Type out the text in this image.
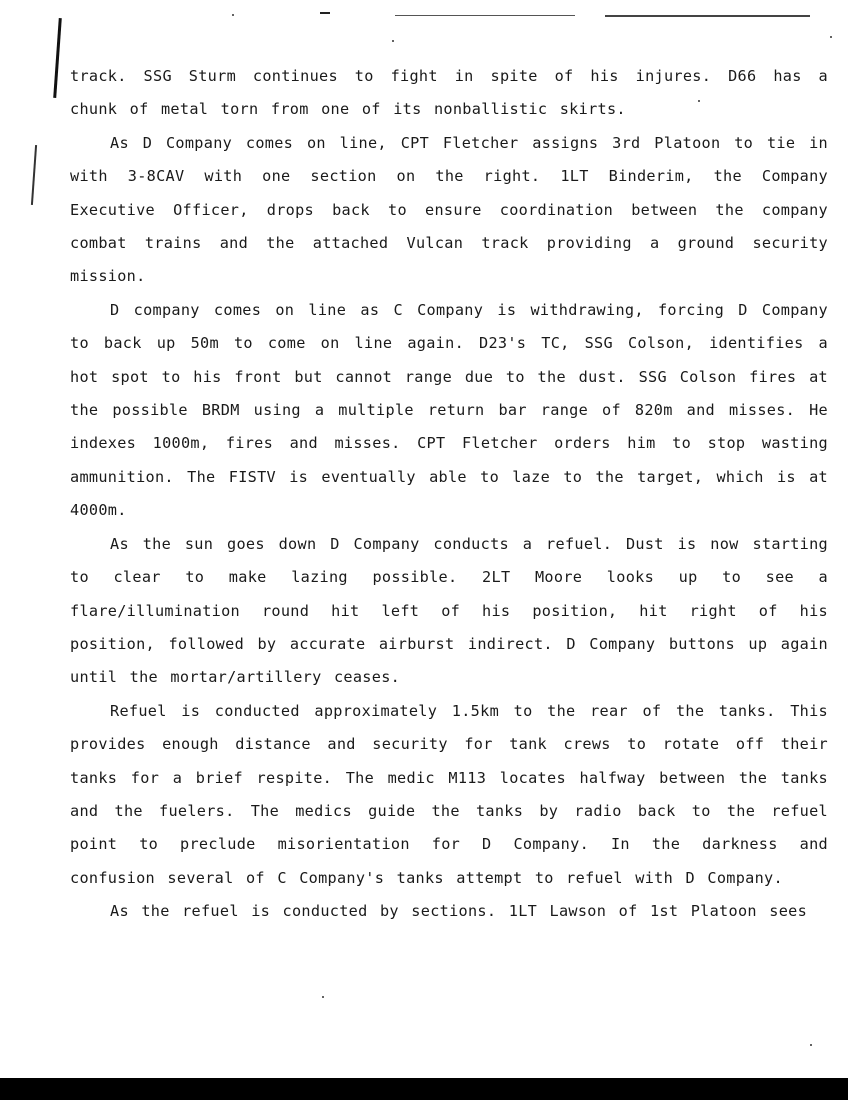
track. SSG Sturm continues to fight in spite of his injures. D66 has a chunk of metal torn from one of its nonballistic skirts.

As D Company comes on line, CPT Fletcher assigns 3rd Platoon to tie in with 3-8CAV with one section on the right. 1LT Binderim, the Company Executive Officer, drops back to ensure coordination between the company combat trains and the attached Vulcan track providing a ground security mission.

D company comes on line as C Company is withdrawing, forcing D Company to back up 50m to come on line again. D23's TC, SSG Colson, identifies a hot spot to his front but cannot range due to the dust. SSG Colson fires at the possible BRDM using a multiple return bar range of 820m and misses. He indexes 1000m, fires and misses. CPT Fletcher orders him to stop wasting ammunition. The FISTV is eventually able to laze to the target, which is at 4000m.

As the sun goes down D Company conducts a refuel. Dust is now starting to clear to make lazing possible. 2LT Moore looks up to see a flare/illumination round hit left of his position, hit right of his position, followed by accurate airburst indirect. D Company buttons up again until the mortar/artillery ceases.

Refuel is conducted approximately 1.5km to the rear of the tanks. This provides enough distance and security for tank crews to rotate off their tanks for a brief respite. The medic M113 locates halfway between the tanks and the fuelers. The medics guide the tanks by radio back to the refuel point to preclude misorientation for D Company. In the darkness and confusion several of C Company's tanks attempt to refuel with D Company.

As the refuel is conducted by sections. 1LT Lawson of 1st Platoon sees
